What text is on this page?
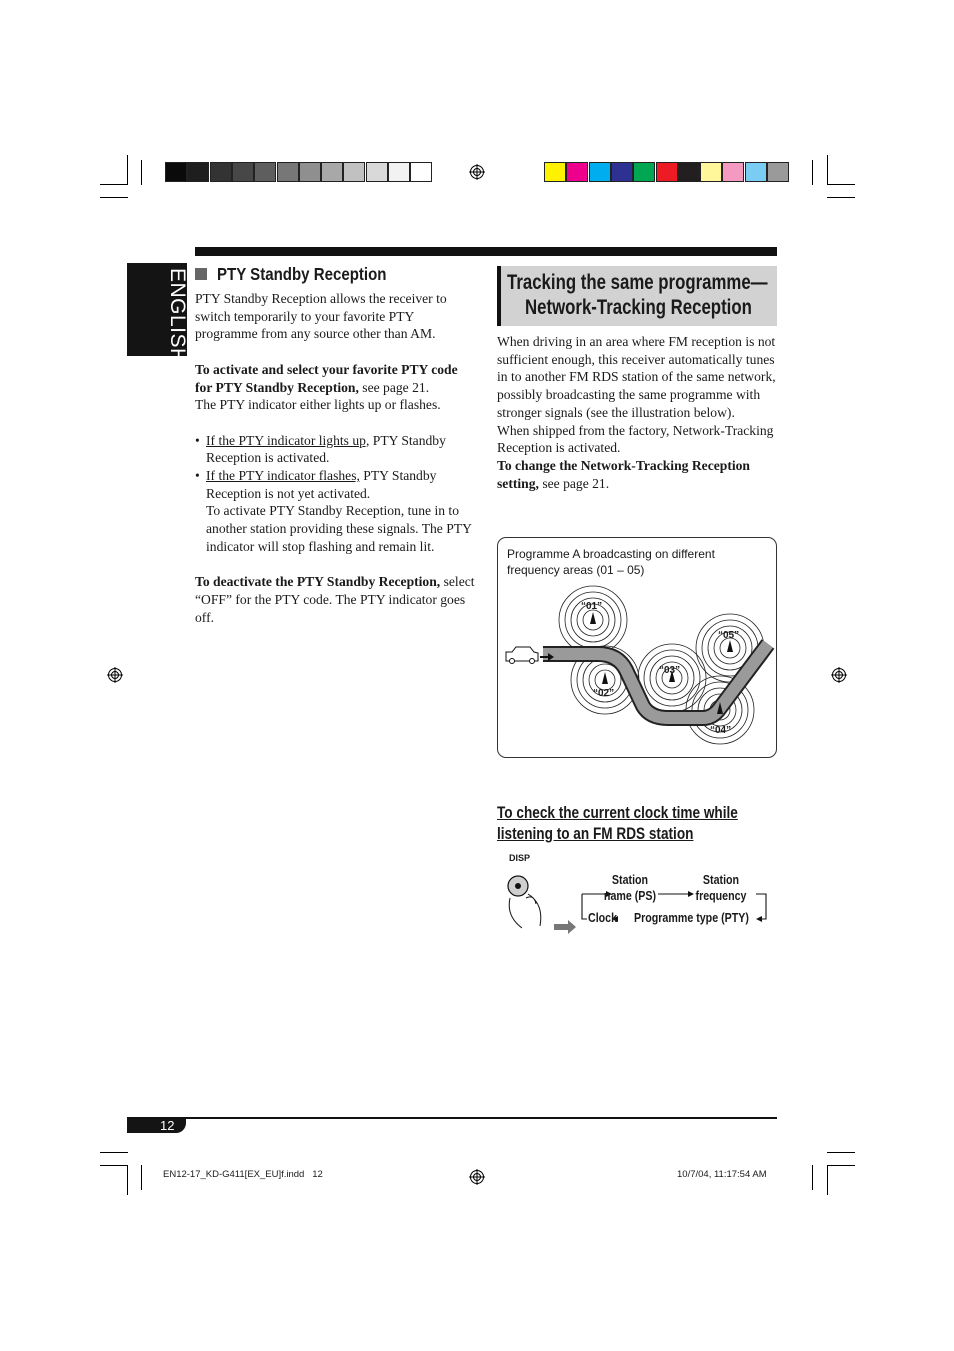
ENGLISH PTY Standby Reception

PTY Standby Reception allows the receiver to switch temporarily to your favorite PTY programme from any source other than AM.

To activate and select your favorite PTY code for PTY Standby Reception, see page 21.

The PTY indicator either lights up or flashes.

• If the PTY indicator lights up, PTY Standby Reception is activated.
• If the PTY indicator flashes, PTY Standby Reception is not yet activated.

To activate PTY Standby Reception, tune in to another station providing these signals. The PTY indicator will stop flashing and remain lit.

To deactivate the PTY Standby Reception, select “OFF” for the PTY code. The PTY indicator goes off.

Tracking the same programme—
Network-Tracking Reception

When driving in an area where FM reception is not sufficient enough, this receiver automatically tunes in to another FM RDS station of the same network, possibly broadcasting the same programme with stronger signals (see the illustration below).

When shipped from the factory, Network-Tracking Reception is activated.

To change the Network-Tracking Reception setting, see page 21.

Programme A broadcasting on different frequency areas (01 – 05)
“01”
“02”
“03”
“04”
“05”
To check the current clock time while
listening to an FM RDS station
DISP
Station
name (PS)
Station
frequency
Clock Programme type (PTY)
12
EN12-17_KD-G411[EX_EU]f.indd   12	10/7/04, 11:17:54 AM
